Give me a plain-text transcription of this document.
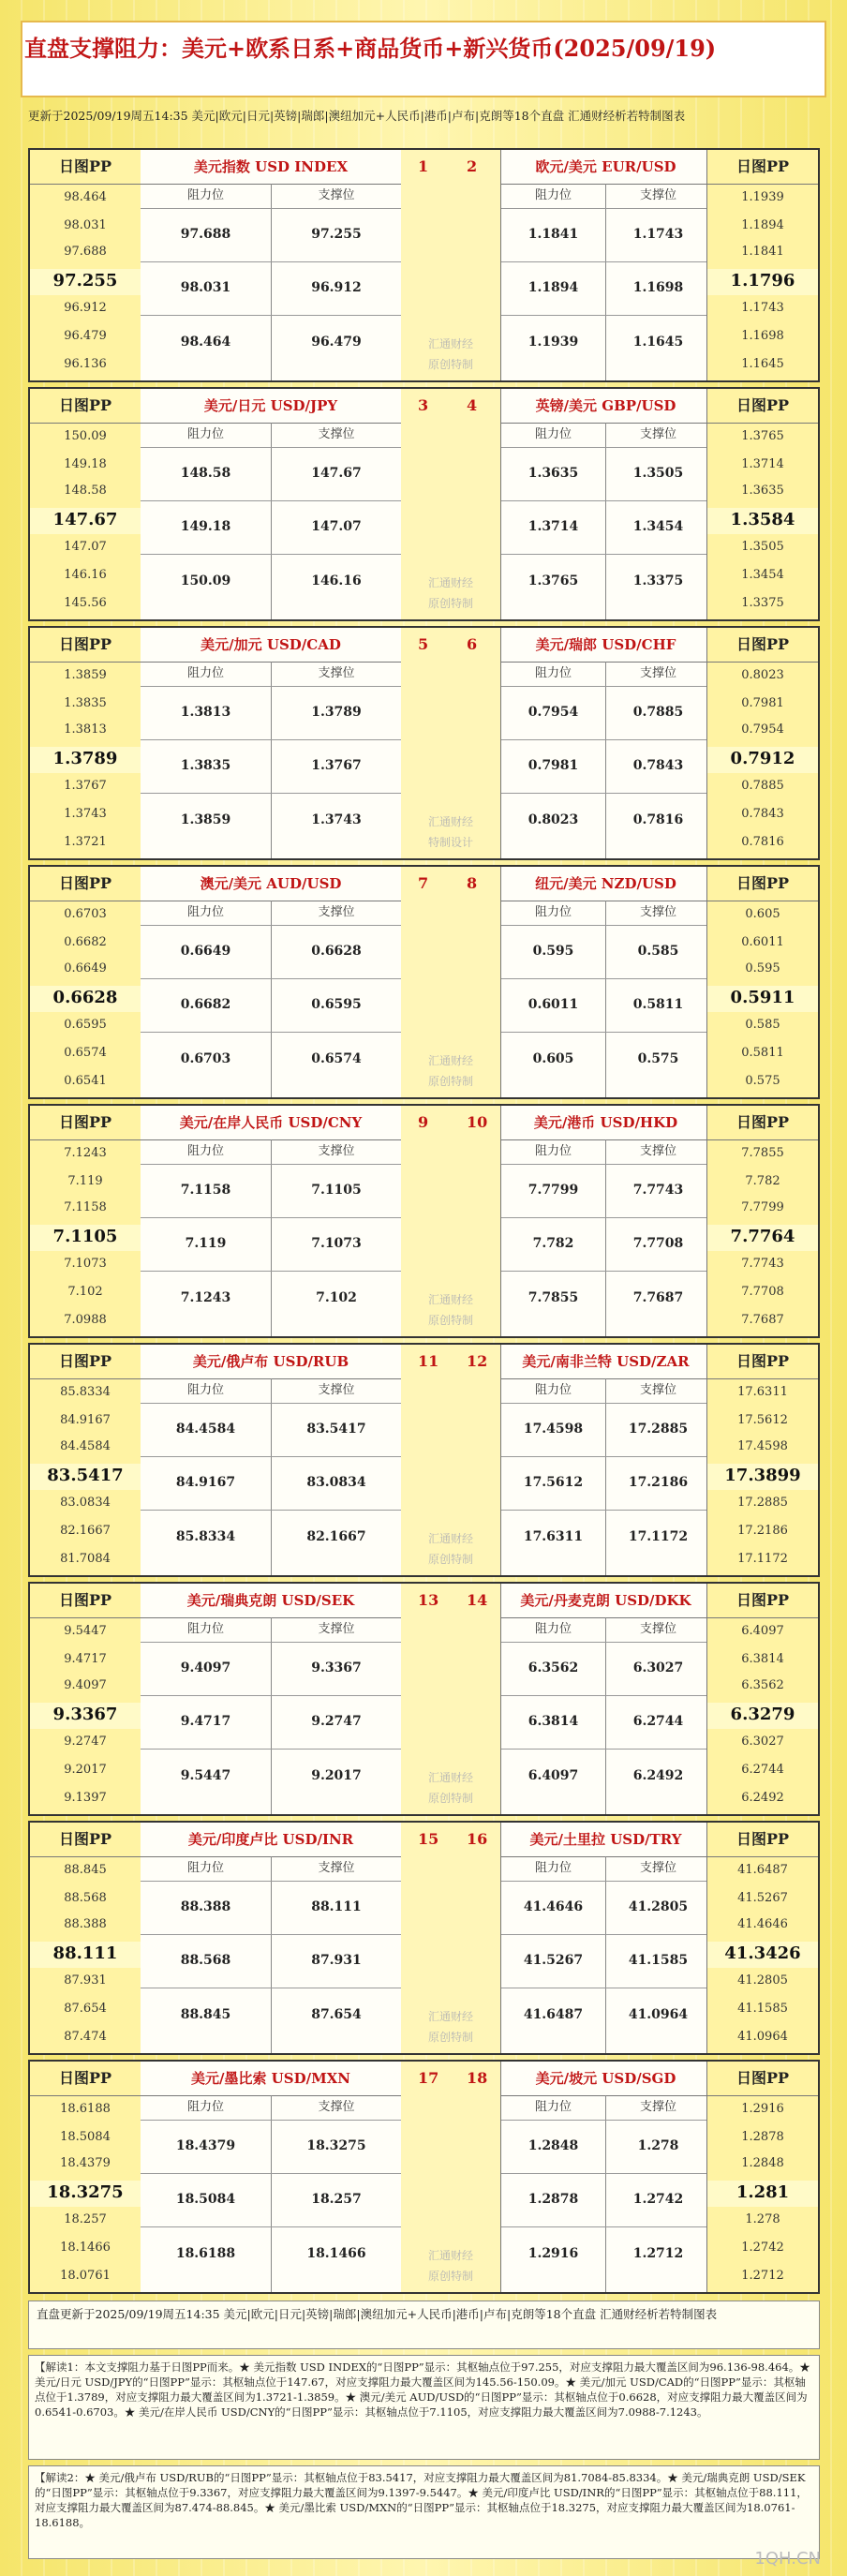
直盘支撑阻力：美元+欧系日系+商品货币+新兴货币(2025/09/19)
更新于2025/09/19周五14:35 美元|欧元|日元|英镑|瑞郎|澳纽加元+人民币|港币|卢布|克朗等18个直盘 汇通财经析若特制图表
日图PP
98.464
98.031
97.688
97.255
96.912
96.479
96.136
美元指数 USD INDEX
阻力位	支撑位
97.688	97.255
98.031	96.912
98.464	96.479
1	2
汇通财经
原创特制
欧元/美元 EUR/USD
阻力位	支撑位
1.1841	1.1743
1.1894	1.1698
1.1939	1.1645
日图PP
1.1939
1.1894
1.1841
1.1796
1.1743
1.1698
1.1645
日图PP
150.09
149.18
148.58
147.67
147.07
146.16
145.56
美元/日元 USD/JPY
阻力位	支撑位
148.58	147.67
149.18	147.07
150.09	146.16
3	4
汇通财经
原创特制
英镑/美元 GBP/USD
阻力位	支撑位
1.3635	1.3505
1.3714	1.3454
1.3765	1.3375
日图PP
1.3765
1.3714
1.3635
1.3584
1.3505
1.3454
1.3375
日图PP
1.3859
1.3835
1.3813
1.3789
1.3767
1.3743
1.3721
美元/加元 USD/CAD
阻力位	支撑位
1.3813	1.3789
1.3835	1.3767
1.3859	1.3743
5	6
汇通财经
特制设计
美元/瑞郎 USD/CHF
阻力位	支撑位
0.7954	0.7885
0.7981	0.7843
0.8023	0.7816
日图PP
0.8023
0.7981
0.7954
0.7912
0.7885
0.7843
0.7816
日图PP
0.6703
0.6682
0.6649
0.6628
0.6595
0.6574
0.6541
澳元/美元 AUD/USD
阻力位	支撑位
0.6649	0.6628
0.6682	0.6595
0.6703	0.6574
7	8
汇通财经
原创特制
纽元/美元 NZD/USD
阻力位	支撑位
0.595	0.585
0.6011	0.5811
0.605	0.575
日图PP
0.605
0.6011
0.595
0.5911
0.585
0.5811
0.575
日图PP
7.1243
7.119
7.1158
7.1105
7.1073
7.102
7.0988
美元/在岸人民币 USD/CNY
阻力位	支撑位
7.1158	7.1105
7.119	7.1073
7.1243	7.102
9	10
汇通财经
原创特制
美元/港币 USD/HKD
阻力位	支撑位
7.7799	7.7743
7.782	7.7708
7.7855	7.7687
日图PP
7.7855
7.782
7.7799
7.7764
7.7743
7.7708
7.7687
日图PP
85.8334
84.9167
84.4584
83.5417
83.0834
82.1667
81.7084
美元/俄卢布 USD/RUB
阻力位	支撑位
84.4584	83.5417
84.9167	83.0834
85.8334	82.1667
11 12
汇通财经
原创特制
美元/南非兰特 USD/ZAR
阻力位	支撑位
17.4598	17.2885
17.5612	17.2186
17.6311	17.1172
日图PP
17.6311
17.5612
17.4598
17.3899
17.2885
17.2186
17.1172
日图PP
9.5447
9.4717
9.4097
9.3367
9.2747
9.2017
9.1397
美元/瑞典克朗 USD/SEK
阻力位	支撑位
9.4097	9.3367
9.4717	9.2747
9.5447	9.2017
13 14
汇通财经
原创特制
美元/丹麦克朗 USD/DKK
阻力位	支撑位
6.3562	6.3027
6.3814	6.2744
6.4097	6.2492
日图PP
6.4097
6.3814
6.3562
6.3279
6.3027
6.2744
6.2492
日图PP
88.845
88.568
88.388
88.111
87.931
87.654
87.474
美元/印度卢比 USD/INR
阻力位	支撑位
88.388	88.111
88.568	87.931
88.845	87.654
15 16
汇通财经
原创特制
美元/土里拉 USD/TRY
阻力位	支撑位
41.4646	41.2805
41.5267	41.1585
41.6487	41.0964
日图PP
41.6487
41.5267
41.4646
41.3426
41.2805
41.1585
41.0964
日图PP
18.6188
18.5084
18.4379
18.3275
18.257
18.1466
18.0761
美元/墨比索 USD/MXN
阻力位	支撑位
18.4379	18.3275
18.5084	18.257
18.6188	18.1466
17 18
汇通财经
原创特制
美元/坡元 USD/SGD
阻力位	支撑位
1.2848	1.278
1.2878	1.2742
1.2916	1.2712
日图PP
1.2916
1.2878
1.2848
1.281
1.278
1.2742
1.2712
直盘更新于2025/09/19周五14:35 美元|欧元|日元|英镑|瑞郎|澳纽加元+人民币|港币|卢布|克朗等18个直盘 汇通财经析若特制图表
【解读1：本文支撑阻力基于日图PP而来。★ 美元指数 USD INDEX的“日图PP”显示：其枢轴点位于97.255，对应支撑阻力最大覆盖区间为96.136-98.464。★ 美元/日元 USD/JPY的“日图PP”显示：其枢轴点位于147.67，对应支撑阻力最大覆盖区间为145.56-150.09。★ 美元/加元 USD/CAD的“日图PP”显示：其枢轴点位于1.3789，对应支撑阻力最大覆盖区间为1.3721-1.3859。★ 澳元/美元 AUD/USD的“日图PP”显示：其枢轴点位于0.6628，对应支撑阻力最大覆盖区间为0.6541-0.6703。★ 美元/在岸人民币 USD/CNY的“日图PP”显示：其枢轴点位于7.1105，对应支撑阻力最大覆盖区间为7.0988-7.1243。
【解读2：★ 美元/俄卢布 USD/RUB的“日图PP”显示：其枢轴点位于83.5417，对应支撑阻力最大覆盖区间为81.7084-85.8334。★ 美元/瑞典克朗 USD/SEK的“日图PP”显示：其枢轴点位于9.3367，对应支撑阻力最大覆盖区间为9.1397-9.5447。★ 美元/印度卢比 USD/INR的“日图PP”显示：其枢轴点位于88.111，对应支撑阻力最大覆盖区间为87.474-88.845。★ 美元/墨比索 USD/MXN的“日图PP”显示：其枢轴点位于18.3275，对应支撑阻力最大覆盖区间为18.0761-18.6188。
1QH.CN
